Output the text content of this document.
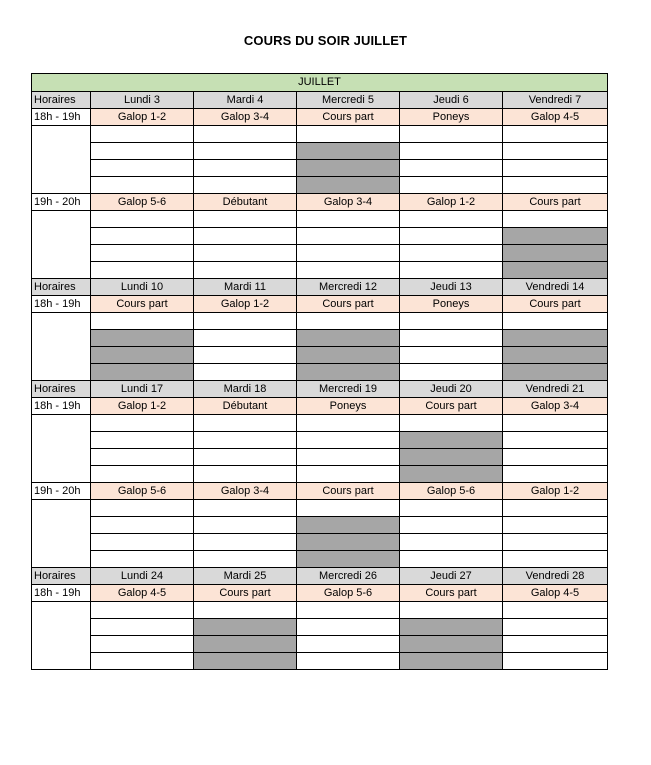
COURS DU SOIR JUILLET
JUILLET					
Horaires	Lundi 3	Mardi 4	Mercredi 5	Jeudi 6	Vendredi 7
18h - 19h	Galop 1-2	Galop 3-4	Cours part	Poneys	Galop 4-5

19h - 20h	Galop 5-6	Débutant	Galop 3-4	Galop 1-2	Cours part

Horaires	Lundi 10	Mardi 11	Mercredi 12	Jeudi 13	Vendredi 14
18h - 19h	Cours part	Galop 1-2	Cours part	Poneys	Cours part

Horaires	Lundi 17	Mardi 18	Mercredi 19	Jeudi 20	Vendredi 21
18h - 19h	Galop 1-2	Débutant	Poneys	Cours part	Galop 3-4

19h - 20h	Galop 5-6	Galop 3-4	Cours part	Galop 5-6	Galop 1-2

Horaires	Lundi 24	Mardi 25	Mercredi 26	Jeudi 27	Vendredi 28
18h - 19h	Galop 4-5	Cours part	Galop 5-6	Cours part	Galop 4-5
